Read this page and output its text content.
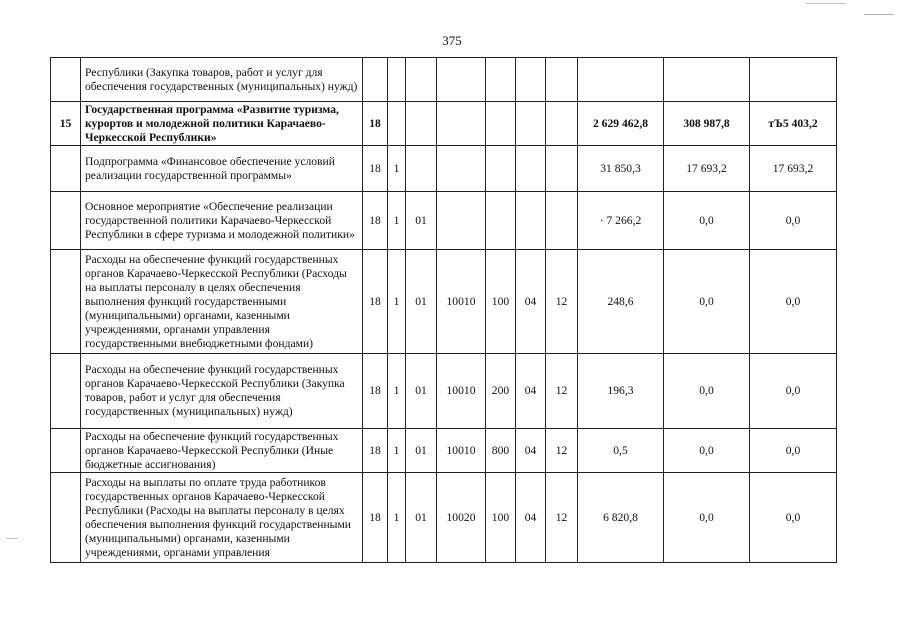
375
	Республики (Закупка товаров, работ и услуг для обеспечения государственных (муниципальных) нужд)										
15	Государственная программа «Развитие туризма, курортов и молодежной политики Карачаево-Черкесской Республики»	18							2 629 462,8	308 987,8	тЪ5 403,2
	Подпрограмма «Финансовое обеспечение условий реализации государственной программы»	18	1						31 850,3	17 693,2	17 693,2
	Основное мероприятие «Обеспечение реализации государственной политики Карачаево-Черкесской Республики в сфере туризма и молодежной политики»	18	1	01					· 7 266,2	0,0	0,0
	Расходы на обеспечение функций государственных органов Карачаево-Черкесской Республики (Расходы на выплаты персоналу в целях обеспечения выполнения функций государственными (муниципальными) органами, казенными учреждениями, органами управления государственными внебюджетными фондами)	18	1	01	10010	100	04	12	248,6	0,0	0,0
	Расходы на обеспечение функций государственных органов Карачаево-Черкесской Республики (Закупка товаров, работ и услуг для обеспечения государственных (муниципальных) нужд)	18	1	01	10010	200	04	12	196,3	0,0	0,0
	Расходы на обеспечение функций государственных органов Карачаево-Черкесской Республики (Иные бюджетные ассигнования)	18	1	01	10010	800	04	12	0,5	0,0	0,0
	Расходы на выплаты по оплате труда работников государственных органов Карачаево-Черкесской Республики (Расходы на выплаты персоналу в целях обеспечения выполнения функций государственными (муниципальными) органами, казенными учреждениями, органами управления	18	1	01	10020	100	04	12	6 820,8	0,0	0,0
